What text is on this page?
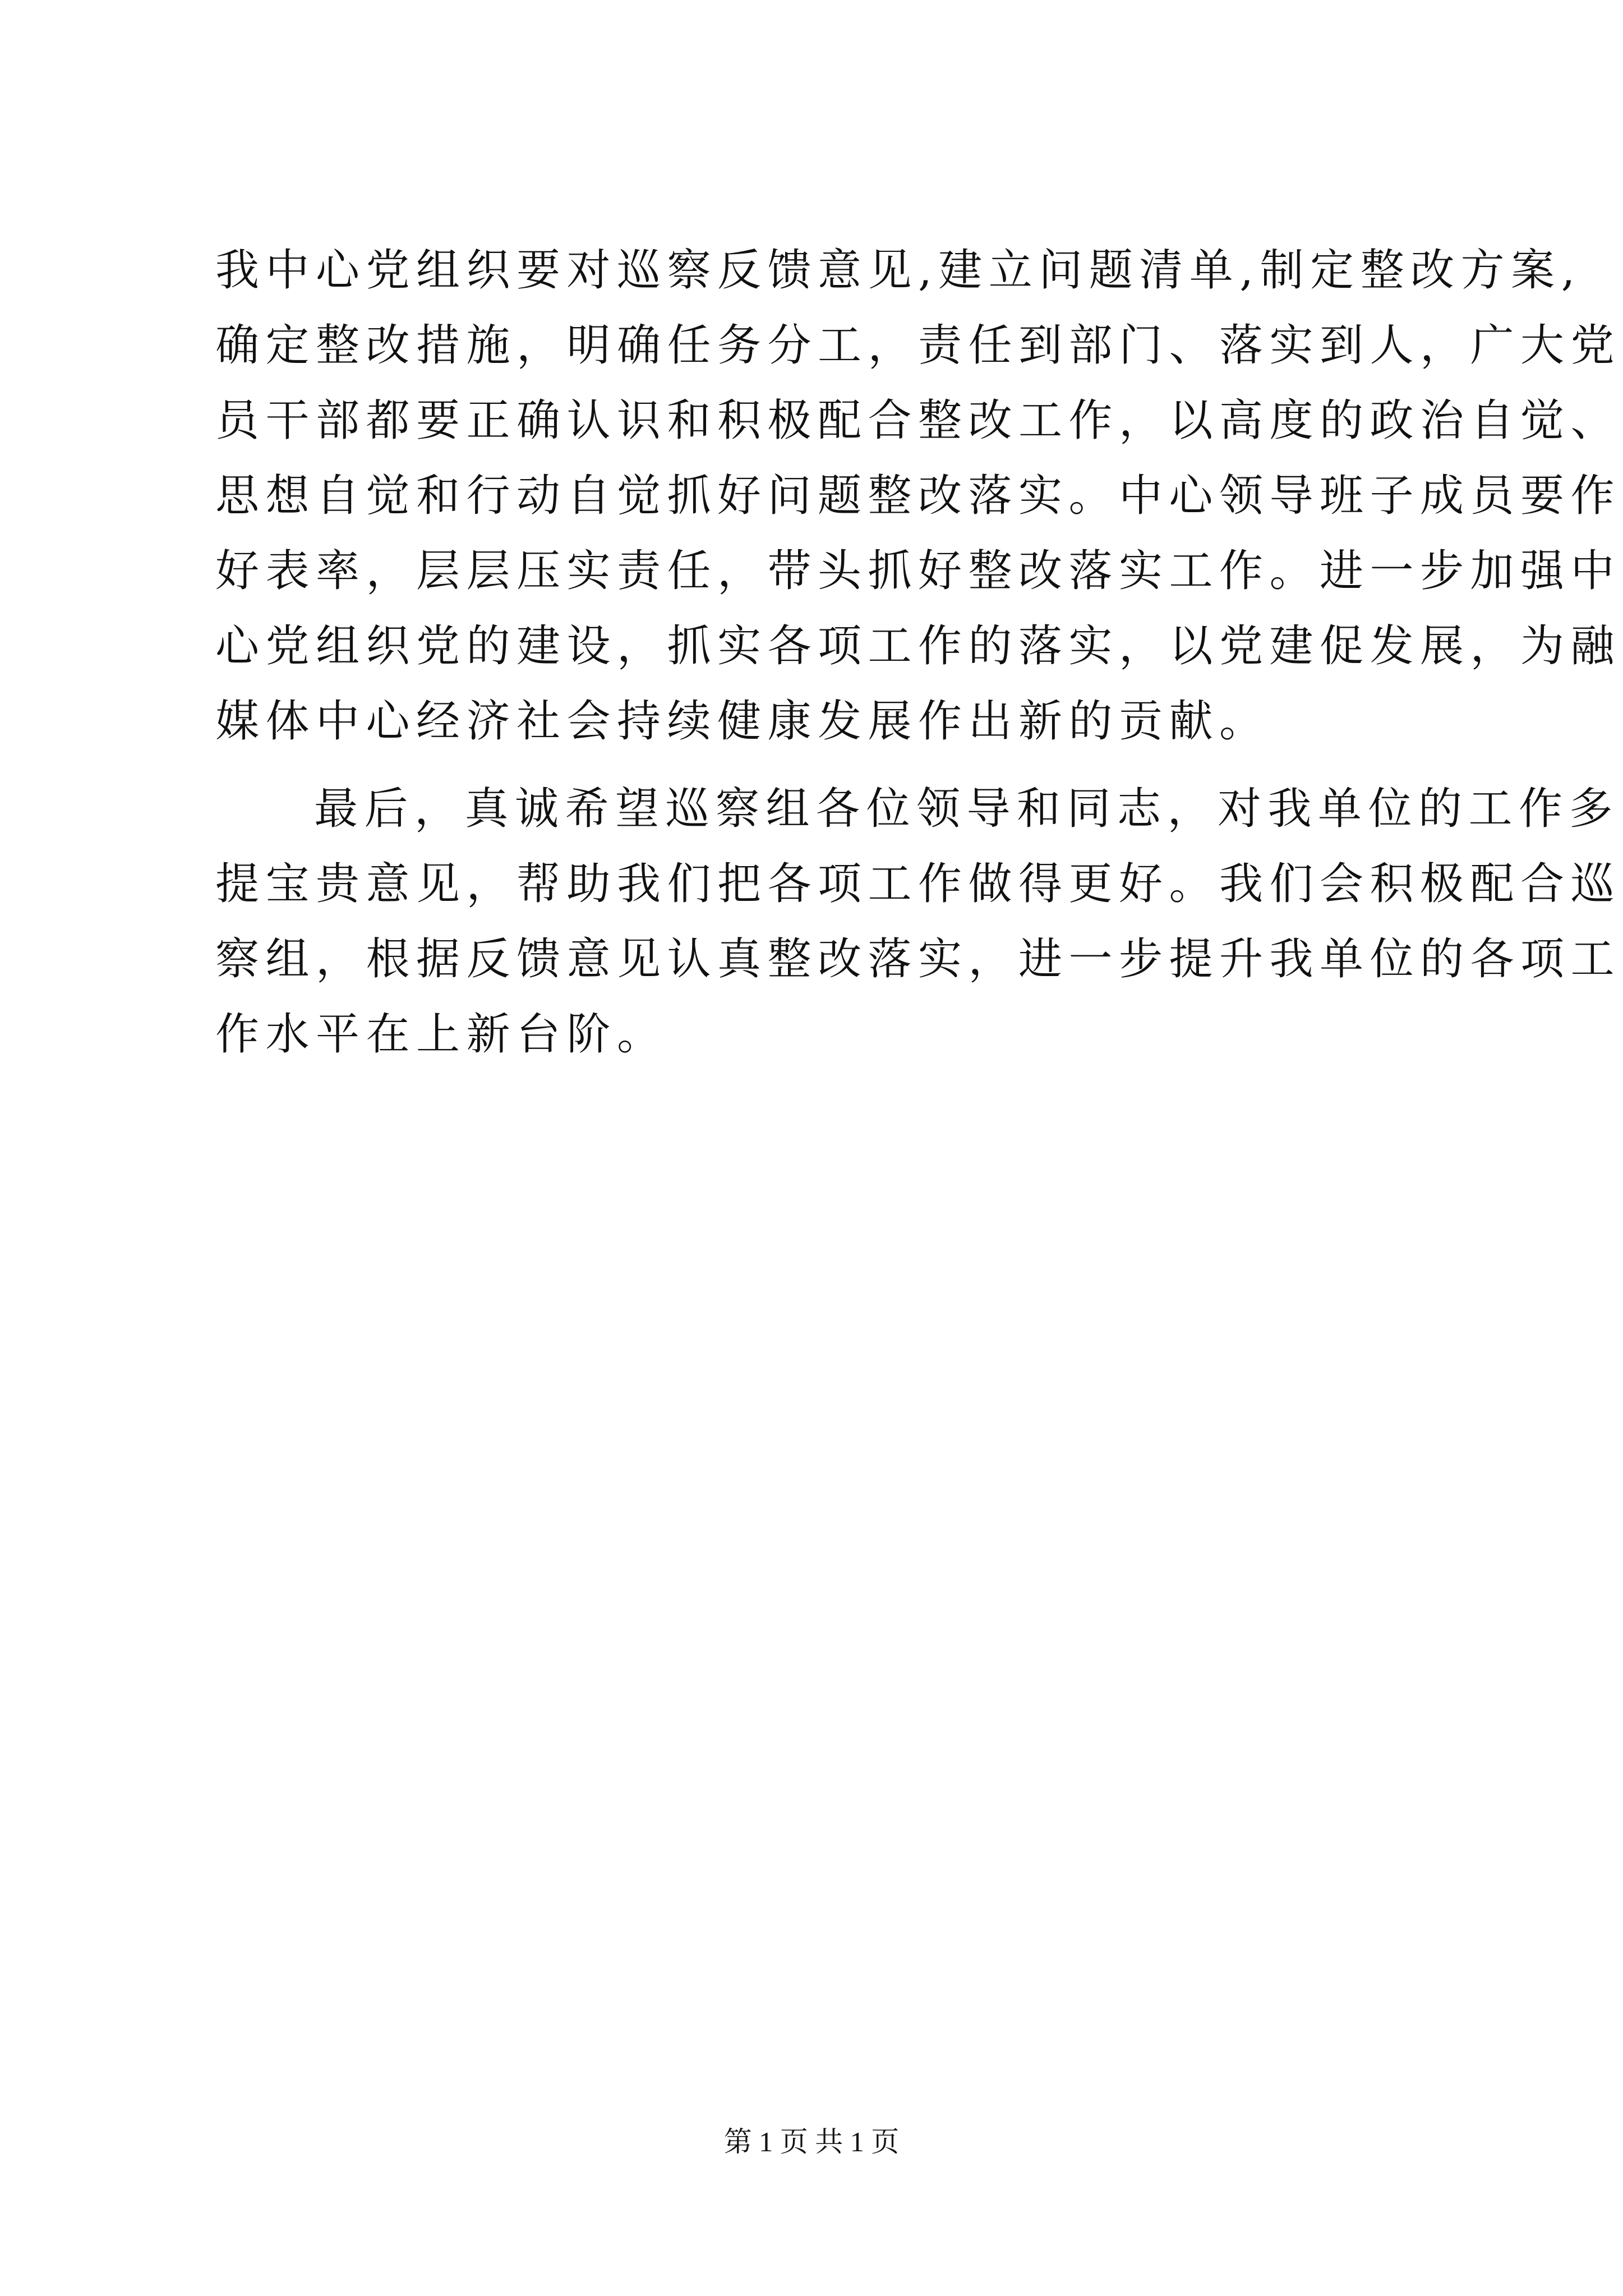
我中心党组织要对巡察反馈意见,建立问题清单,制定整改方案,
确定整改措施，明确任务分工，责任到部门、落实到人，广大党
员干部都要正确认识和积极配合整改工作，以高度的政治自觉、
思想自觉和行动自觉抓好问题整改落实。中心领导班子成员要作
好表率，层层压实责任，带头抓好整改落实工作。进一步加强中
心党组织党的建设，抓实各项工作的落实，以党建促发展，为融
媒体中心经济社会持续健康发展作出新的贡献。
最后，真诚希望巡察组各位领导和同志，对我单位的工作多
提宝贵意见，帮助我们把各项工作做得更好。我们会积极配合巡
察组，根据反馈意见认真整改落实，进一步提升我单位的各项工
作水平在上新台阶。
第 1 页 共 1 页
